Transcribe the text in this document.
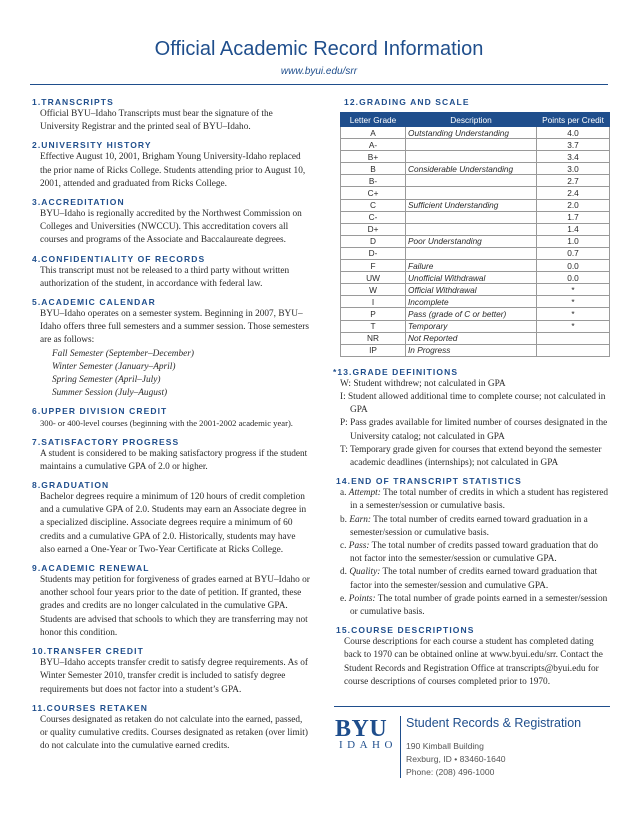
Official Academic Record Information
www.byui.edu/srr
1.TRANSCRIPTS
Official BYU–Idaho Transcripts must bear the signature of the University Registrar and the printed seal of BYU–Idaho.
2.UNIVERSITY HISTORY
Effective August 10, 2001, Brigham Young University-Idaho replaced the prior name of Ricks College. Students attending prior to August 10, 2001, attended and graduated from Ricks College.
3.ACCREDITATION
BYU–Idaho is regionally accredited by the Northwest Commission on Colleges and Universities (NWCCU). This accreditation covers all courses and programs of the Associate and Baccalaureate degrees.
4.CONFIDENTIALITY OF RECORDS
This transcript must not be released to a third party without written authorization of the student, in accordance with federal law.
5.ACADEMIC CALENDAR

BYU–Idaho operates on a semester system. Beginning in 2007, BYU–Idaho offers three full semesters and a summer session. Those semesters are as follows:

Fall Semester (September–December)

Winter Semester (January–April)

Spring Semester (April–July)

Summer Session (July–August)

6.UPPER DIVISION CREDIT
300- or 400-level courses (beginning with the 2001-2002 academic year).
7.SATISFACTORY PROGRESS
A student is considered to be making satisfactory progress if the student maintains a cumulative GPA of 2.0 or higher.
8.GRADUATION
Bachelor degrees require a minimum of 120 hours of credit completion and a cumulative GPA of 2.0. Students may earn an Associate degree in a specialized discipline. Associate degrees require a minimum of 60 credits and a cumulative GPA of 2.0. Historically, students may have also earned a One-Year or Two-Year Certificate at Ricks College.
9.ACADEMIC RENEWAL
Students may petition for forgiveness of grades earned at BYU–Idaho or another school four years prior to the date of petition. If granted, these grades and credits are no longer calculated in the cumulative GPA. Students are advised that schools to which they are transferring may not honor this condition.
10.TRANSFER CREDIT
BYU–Idaho accepts transfer credit to satisfy degree requirements. As of Winter Semester 2010, transfer credit is included to satisfy degree requirements but does not factor into a student’s GPA.
11.COURSES RETAKEN
Courses designated as retaken do not calculate into the earned, passed, or quality cumulative credits. Courses designated as retaken (over limit) do not calculate into the cumulative earned credits.
12.GRADING AND SCALE
Letter Grade	Description	Points per Credit
A	Outstanding Understanding	4.0
A-		3.7
B+		3.4
B	Considerable Understanding	3.0
B-		2.7
C+		2.4
C	Sufficient Understanding	2.0
C-		1.7
D+		1.4
D	Poor Understanding	1.0
D-		0.7
F	Failure	0.0
UW	Unofficial Withdrawal	0.0
W	Official Withdrawal	*
I	Incomplete	*
P	Pass (grade of C or better)	*
T	Temporary	*
NR	Not Reported	
IP	In Progress	
*13.GRADE DEFINITIONS

W: Student withdrew; not calculated in GPA

I: Student allowed additional time to complete course; not calculated in GPA

P: Pass grades available for limited number of courses designated in the University catalog; not calculated in GPA

T: Temporary grade given for courses that extend beyond the semester academic deadlines (internships); not calculated in GPA

14.END OF TRANSCRIPT STATISTICS

a. Attempt: The total number of credits in which a student has registered in a semester/session or cumulative basis.

b. Earn: The total number of credits earned toward graduation in a semester/session or cumulative basis.

c. Pass: The total number of credits passed toward graduation that do not factor into the semester/session or cumulative GPA.

d. Quality: The total number of credits earned toward graduation that factor into the semester/session and cumulative GPA.

e. Points: The total number of grade points earned in a semester/session or cumulative basis.

15.COURSE DESCRIPTIONS
Course descriptions for each course a student has completed dating back to 1970 can be obtained online at www.byui.edu/srr. Contact the Student Records and Registration Office at transcripts@byui.edu for course descriptions of courses completed prior to 1970.
BYU
IDAHO
Student Records & Registration
190 Kimball Building
Rexburg, ID • 83460-1640
Phone: (208) 496-1000
